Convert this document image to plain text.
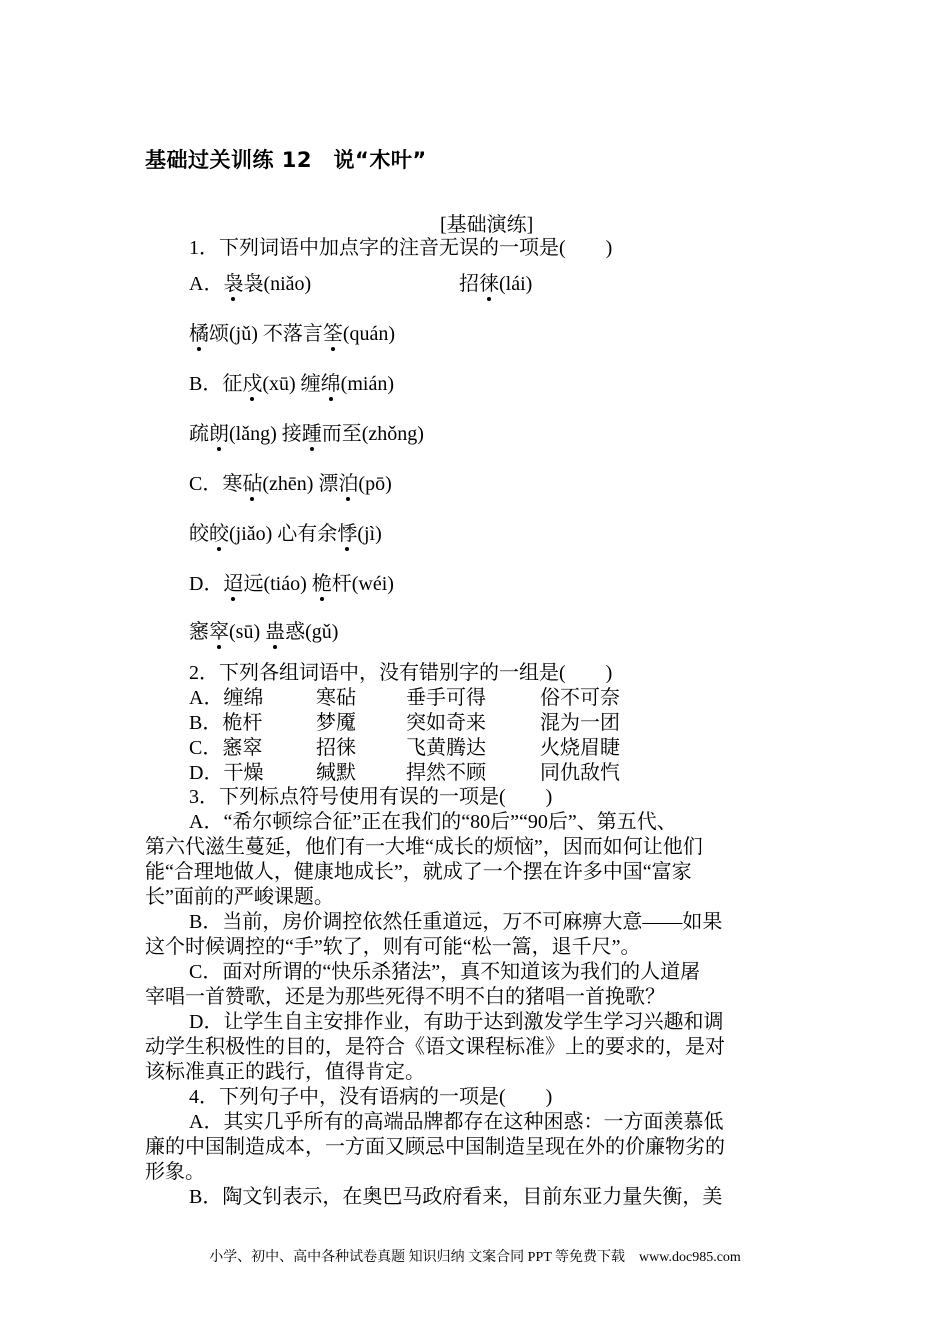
基础过关训练 12　说“木叶”
[基础演练]
1．下列词语中加点字的注音无误的一项是(　　)
A．袅袅(niǎo)	招徕(lái)
橘颂(jǔ) 不落言筌(quán)
B．征戍(xū) 缠绵(mián)
疏朗(lǎng) 接踵而至(zhǒng)
C．寒砧(zhēn) 漂泊(pō)
皎皎(jiǎo) 心有余悸(jì)
D．迢远(tiáo) 桅杆(wéi)
窸窣(sū) 蛊惑(gǔ)
2．下列各组词语中，没有错别字的一组是(　　)
A．缠绵	寒砧	垂手可得	俗不可奈
B．桅杆	梦魇	突如奇来	混为一团
C．窸窣	招徕	飞黄腾达	火烧眉睫
D．干燥	缄默	捍然不顾	同仇敌忾
3．下列标点符号使用有误的一项是(　　)
A．“希尔顿综合征”正在我们的“80后”“90后”、第五代、
第六代滋生蔓延，他们有一大堆“成长的烦恼”，因而如何让他们
能“合理地做人，健康地成长”，就成了一个摆在许多中国“富家
长”面前的严峻课题。
B．当前，房价调控依然任重道远，万不可麻痹大意——如果
这个时候调控的“手”软了，则有可能“松一篙，退千尺”。
C．面对所谓的“快乐杀猪法”，真不知道该为我们的人道屠
宰唱一首赞歌，还是为那些死得不明不白的猪唱一首挽歌？
D．让学生自主安排作业，有助于达到激发学生学习兴趣和调
动学生积极性的目的，是符合《语文课程标准》上的要求的，是对
该标准真正的践行，值得肯定。
4．下列句子中，没有语病的一项是(　　)
A．其实几乎所有的高端品牌都存在这种困惑：一方面羡慕低
廉的中国制造成本，一方面又顾忌中国制造呈现在外的价廉物劣的
形象。
B．陶文钊表示，在奥巴马政府看来，目前东亚力量失衡，美
小学、初中、高中各种试卷真题 知识归纳 文案合同 PPT 等免费下载　www.doc985.com
